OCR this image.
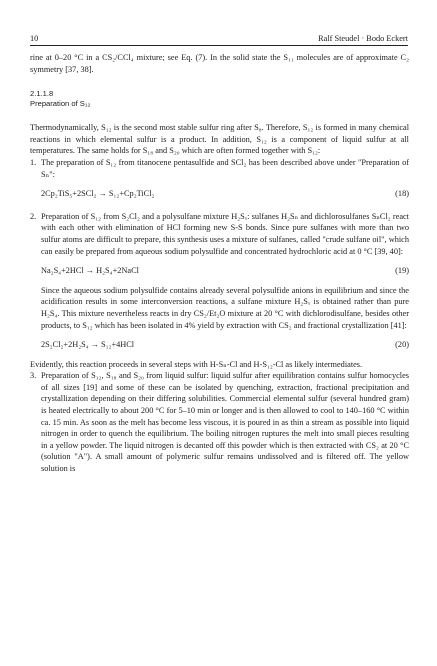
10	Ralf Steudel · Bodo Eckert

rine at 0–20 °C in a CS₂/CCl₄ mixture; see Eq. (7). In the solid state the S₁₁ molecules are of approximate C₂ symmetry [37, 38].

2.1.1.8
Preparation of S₁₂

Thermodynamically, S₁₂ is the second most stable sulfur ring after S₈. Therefore, S₁₂ is formed in many chemical reactions in which elemental sulfur is a product. In addition, S₁₂ is a component of liquid sulfur at all temperatures. The same holds for S₁₈ and S₂₀ which are often formed together with S₁₂:

1. The preparation of S₁₂ from titanocene pentasulfide and SCl₂ has been described above under "Preparation of Sₙ":

2Cp₂TiS₅+2SCl₂ → S₁₂+Cp₂TiCl₂	(18)
2. Preparation of S₁₂ from S₂Cl₂ and a polysulfane mixture H₂Sₓ: sulfanes H₂Sₙ and dichlorosulfanes SₙCl₂ react with each other with elimination of HCl forming new S-S bonds. Since pure sulfanes with more than two sulfur atoms are difficult to prepare, this synthesis uses a mixture of sulfanes, called "crude sulfane oil", which can easily be prepared from aqueous sodium polysulfide and concentrated hydrochloric acid at 0 °C [39, 40]:

Na₂S₄+2HCl → H₂S₄+2NaCl	(19)

Since the aqueous sodium polysulfide contains already several polysulfide anions in equilibrium and since the acidification results in some interconversion reactions, a sulfane mixture H₂Sₓ is obtained rather than pure H₂S₄. This mixture nevertheless reacts in dry CS₂/Et₂O mixture at 20 °C with dichlorodisulfane, besides other products, to S₁₂ which has been isolated in 4% yield by extraction with CS₂ and fractional crystallization [41]:

2S₂Cl₂+2H₂S₄ → S₁₂+4HCl	(20)

Evidently, this reaction proceeds in several steps with H-Sₙ-Cl and H-S₁₂-Cl as likely intermediates.

3. Preparation of S₁₂, S₁₈ and S₂₀ from liquid sulfur: liquid sulfur after equilibration contains sulfur homocycles of all sizes [19] and some of these can be isolated by quenching, extraction, fractional precipitation and crystallization depending on their differing solubilities. Commercial elemental sulfur (several hundred gram) is heated electrically to about 200 °C for 5–10 min or longer and is then allowed to cool to 140–160 °C within ca. 15 min. As soon as the melt has become less viscous, it is poured in as thin a stream as possible into liquid nitrogen in order to quench the equilibrium. The boiling nitrogen ruptures the melt into small pieces resulting in a yellow powder. The liquid nitrogen is decanted off this powder which is then extracted with CS₂ at 20 °C (solution "A"). A small amount of polymeric sulfur remains undissolved and is filtered off. The yellow solution is
